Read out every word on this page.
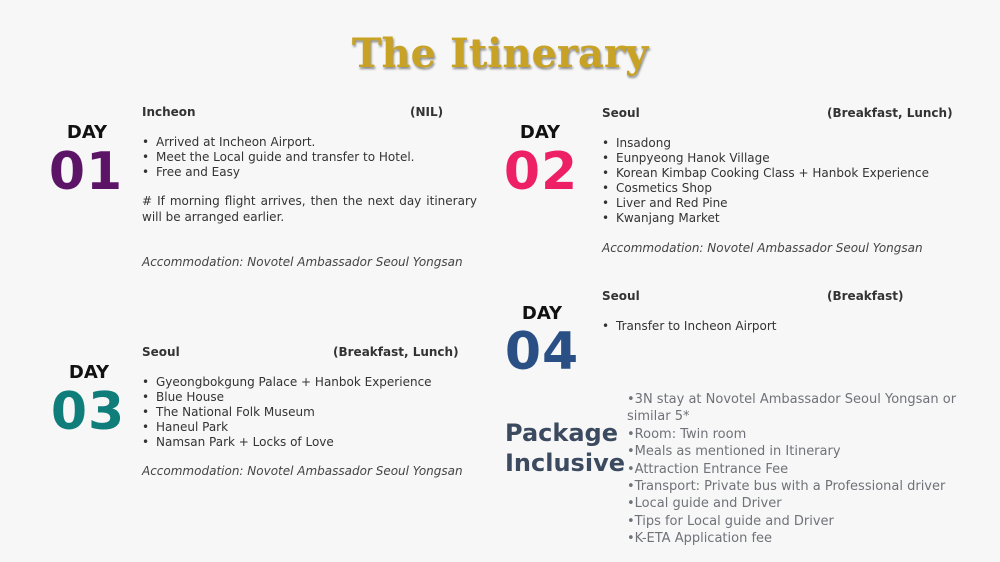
The Itinerary
DAY
01
Incheon	(NIL)
• Arrived at Incheon Airport.
• Meet the Local guide and transfer to Hotel.
• Free and Easy
# If morning flight arrives, then the next day itinerary will be arranged earlier.
Accommodation: Novotel Ambassador Seoul Yongsan
DAY
02
Seoul	(Breakfast, Lunch)
• Insadong
• Eunpyeong Hanok Village
• Korean Kimbap Cooking Class + Hanbok Experience
• Cosmetics Shop
• Liver and Red Pine
• Kwanjang Market
Accommodation: Novotel Ambassador Seoul Yongsan
DAY
04
Seoul	(Breakfast)
• Transfer to Incheon Airport
DAY
03
Seoul	(Breakfast, Lunch)
• Gyeongbokgung Palace + Hanbok Experience
• Blue House
• The National Folk Museum
• Haneul Park
• Namsan Park + Locks of Love
Accommodation: Novotel Ambassador Seoul Yongsan
Package
Inclusive
•3N stay at Novotel Ambassador Seoul Yongsan or similar 5*
•Room: Twin room
•Meals as mentioned in Itinerary
•Attraction Entrance Fee
•Transport: Private bus with a Professional driver
•Local guide and Driver
•Tips for Local guide and Driver
•K-ETA Application fee
